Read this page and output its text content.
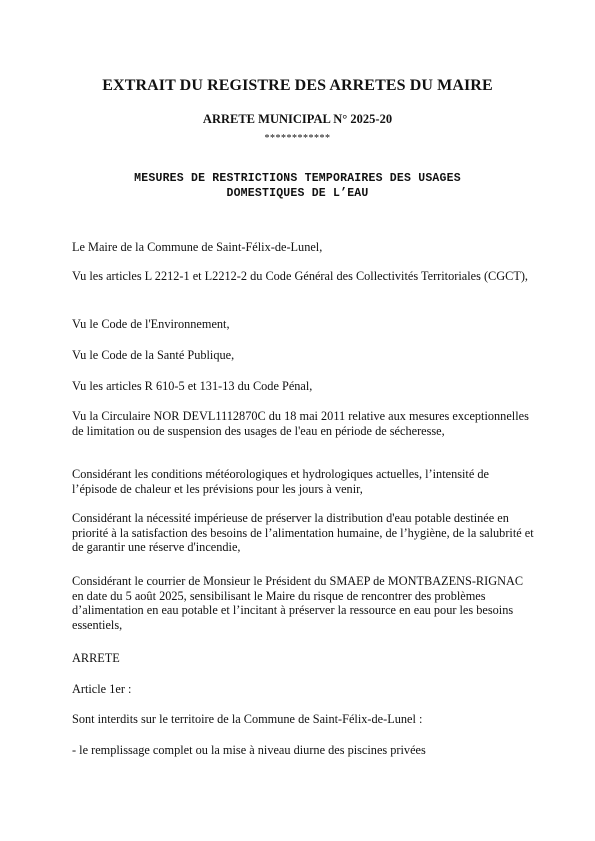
EXTRAIT DU REGISTRE DES ARRETES DU MAIRE
ARRETE MUNICIPAL N° 2025-20
************
MESURES DE RESTRICTIONS TEMPORAIRES DES USAGES
DOMESTIQUES DE L’EAU

Le Maire de la Commune de Saint-Félix-de-Lunel,

Vu les articles L 2212-1 et L2212-2 du Code Général des Collectivités Territoriales (CGCT),

Vu le Code de l'Environnement,

Vu le Code de la Santé Publique,

Vu les articles R 610-5 et 131-13 du Code Pénal,

Vu la Circulaire NOR DEVL1112870C du 18 mai 2011 relative aux mesures exceptionnelles de limitation ou de suspension des usages de l'eau en période de sécheresse,

Considérant les conditions météorologiques et hydrologiques actuelles, l’intensité de l’épisode de chaleur et les prévisions pour les jours à venir,

Considérant la nécessité impérieuse de préserver la distribution d'eau potable destinée en priorité à la satisfaction des besoins de l’alimentation humaine, de l’hygiène, de la salubrité et de garantir une réserve d'incendie,

Considérant le courrier de Monsieur le Président du SMAEP de MONTBAZENS-RIGNAC en date du 5 août 2025, sensibilisant le Maire du risque de rencontrer des problèmes d’alimentation en eau potable et l’incitant à préserver la ressource en eau pour les besoins essentiels,

ARRETE

Article 1er :

Sont interdits sur le territoire de la Commune de Saint-Félix-de-Lunel :

- le remplissage complet ou la mise à niveau diurne des piscines privées
